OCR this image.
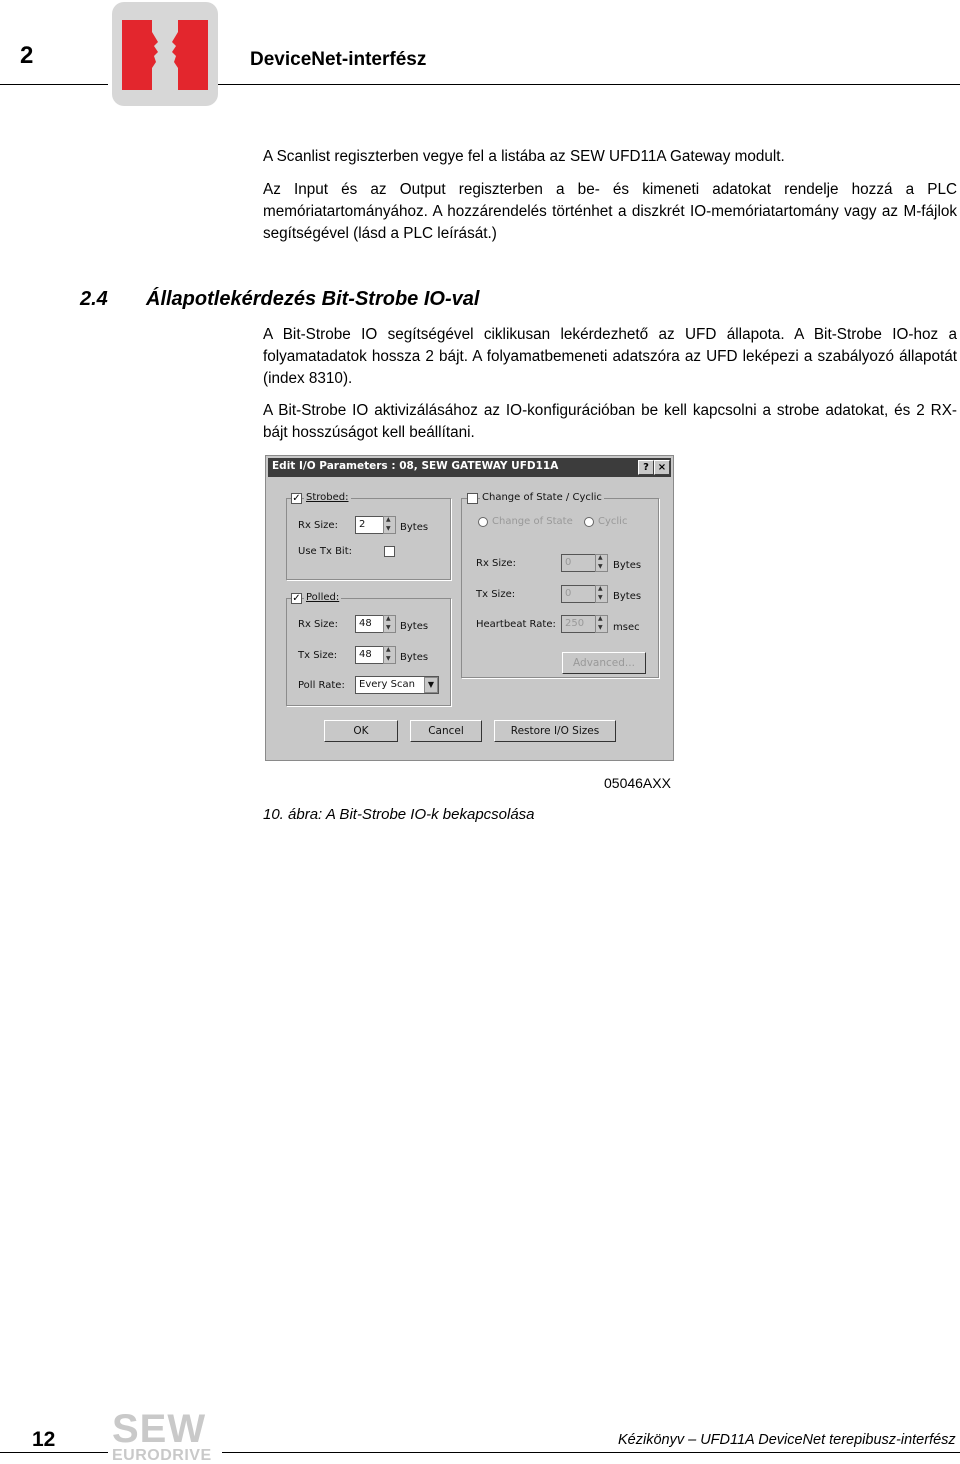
2	DeviceNet-interfész
A Scanlist regiszterben vegye fel a listába az SEW UFD11A Gateway modult.
Az Input és az Output regiszterben a be- és kimeneti adatokat rendelje hozzá a PLC memóriatartományához. A hozzárendelés történhet a diszkrét IO-memóriatartomány vagy az M-fájlok segítségével (lásd a PLC leírását.)
2.4 Állapotlekérdezés Bit-Strobe IO-val
A Bit-Strobe IO segítségével ciklikusan lekérdezhető az UFD állapota. A Bit-Strobe IO-hoz a folyamatadatok hossza 2 bájt. A folyamatbemeneti adatszóra az UFD leképezi a szabályozó állapotát (index 8310).
A Bit-Strobe IO aktivizálásához az IO-konfigurációban be kell kapcsolni a strobe adatokat, és 2 RX-bájt hosszúságot kell beállítani.
Edit I/O Parameters : 08, SEW GATEWAY UFD11A	? ×
✓ Strobed:
Rx Size:	2 ▲ ▼	Bytes
Use Tx Bit:
✓ Polled:
Rx Size:	48 ▲ ▼	Bytes
Tx Size:	48 ▲ ▼	Bytes
Poll Rate:	Every Scan	▼
Change of State / Cyclic
Change of State	Cyclic
Rx Size:	0 ▲ ▼	Bytes
Tx Size:	0 ▲ ▼	Bytes
Heartbeat Rate: 250 ▲ ▼	msec
Advanced...
OK	Cancel	Restore I/O Sizes
05046AXX
10. ábra: A Bit-Strobe IO-k bekapcsolása
12 SEW
EURODRIVE
Kézikönyv – UFD11A DeviceNet terepibusz-interfész
